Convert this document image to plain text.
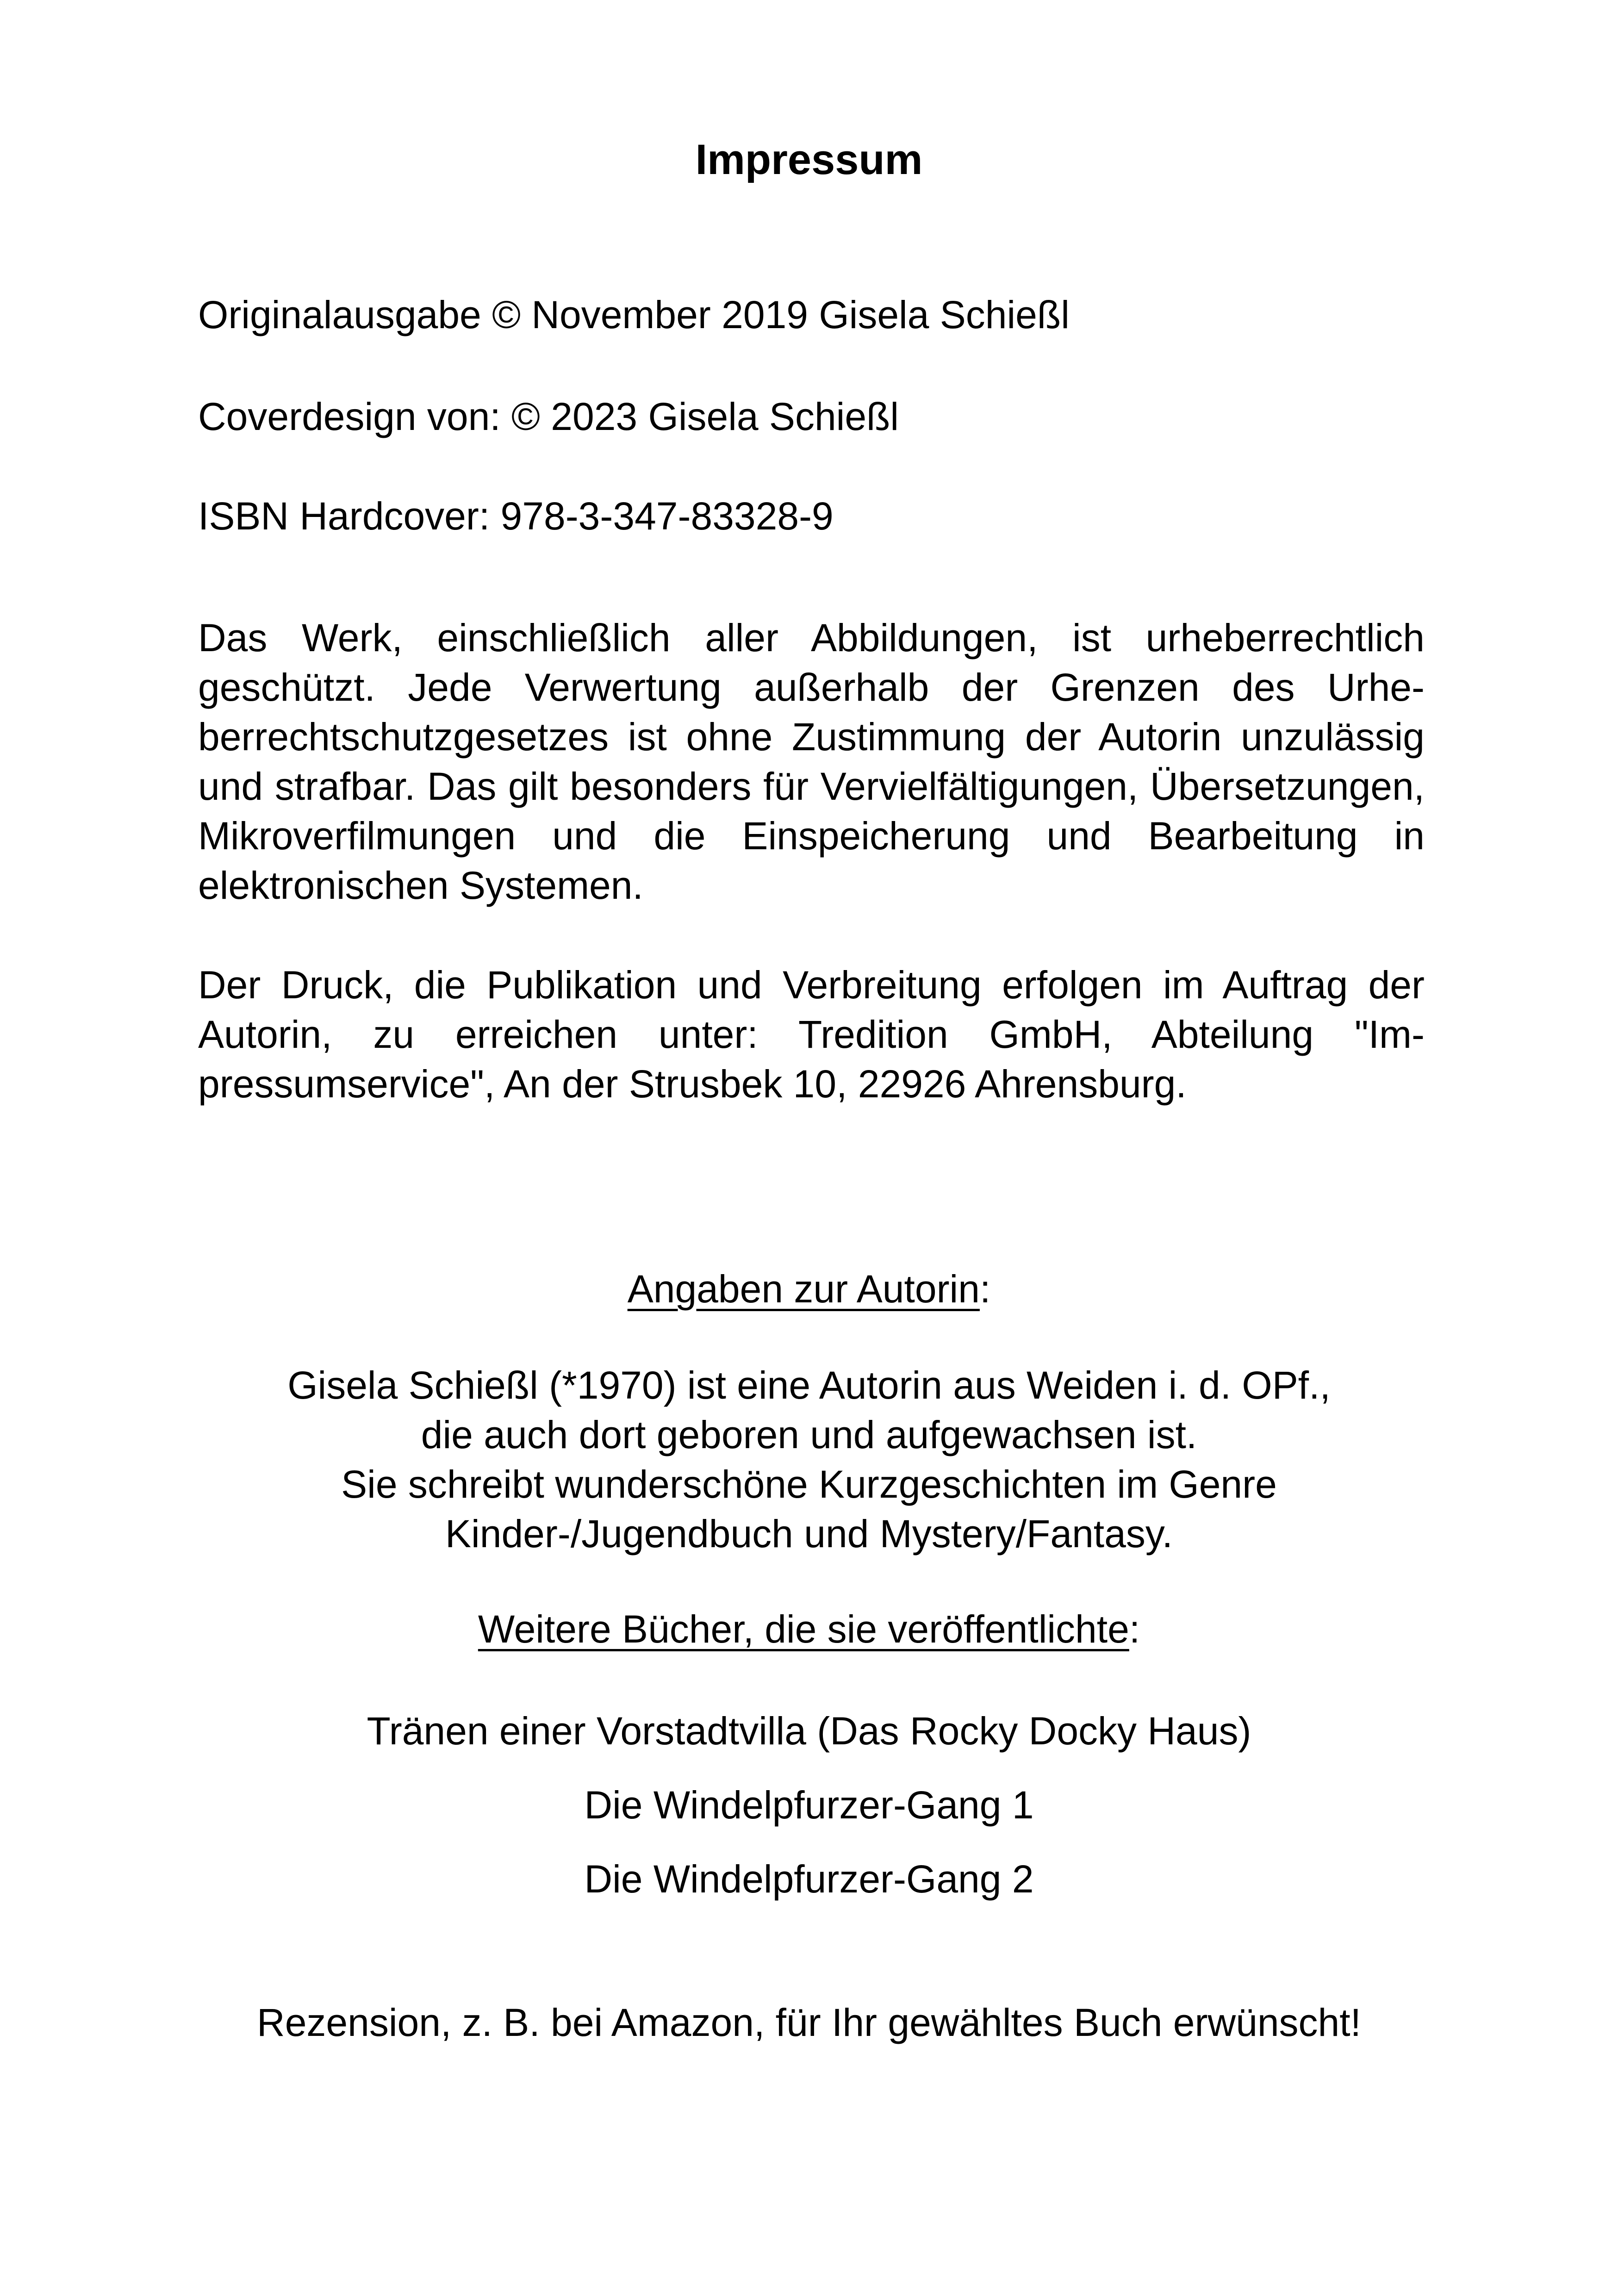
Impressum
Originalausgabe © November 2019 Gisela Schießl
Coverdesign von: © 2023 Gisela Schießl
ISBN Hardcover: 978-3-347-83328-9
Das Werk, einschließlich aller Abbildungen, ist urheberrechtlich geschützt. Jede Verwertung außerhalb der Grenzen des Urheberrechtschutzgesetzes ist ohne Zustimmung der Autorin unzulässig und strafbar. Das gilt besonders für Vervielfältigungen, Übersetzungen, Mikroverfilmungen und die Einspeicherung und Bearbeitung in elektronischen Systemen.
Der Druck, die Publikation und Verbreitung erfolgen im Auftrag der Autorin, zu erreichen unter: Tredition GmbH, Abteilung "Impressumservice", An der Strusbek 10, 22926 Ahrensburg.
Angaben zur Autorin:
Gisela Schießl (*1970) ist eine Autorin aus Weiden i. d. OPf.,
die auch dort geboren und aufgewachsen ist.
Sie schreibt wunderschöne Kurzgeschichten im Genre
Kinder-/Jugendbuch und Mystery/Fantasy.
Weitere Bücher, die sie veröffentlichte:
Tränen einer Vorstadtvilla (Das Rocky Docky Haus)
Die Windelpfurzer-Gang 1
Die Windelpfurzer-Gang 2
Rezension, z. B. bei Amazon, für Ihr gewähltes Buch erwünscht!
